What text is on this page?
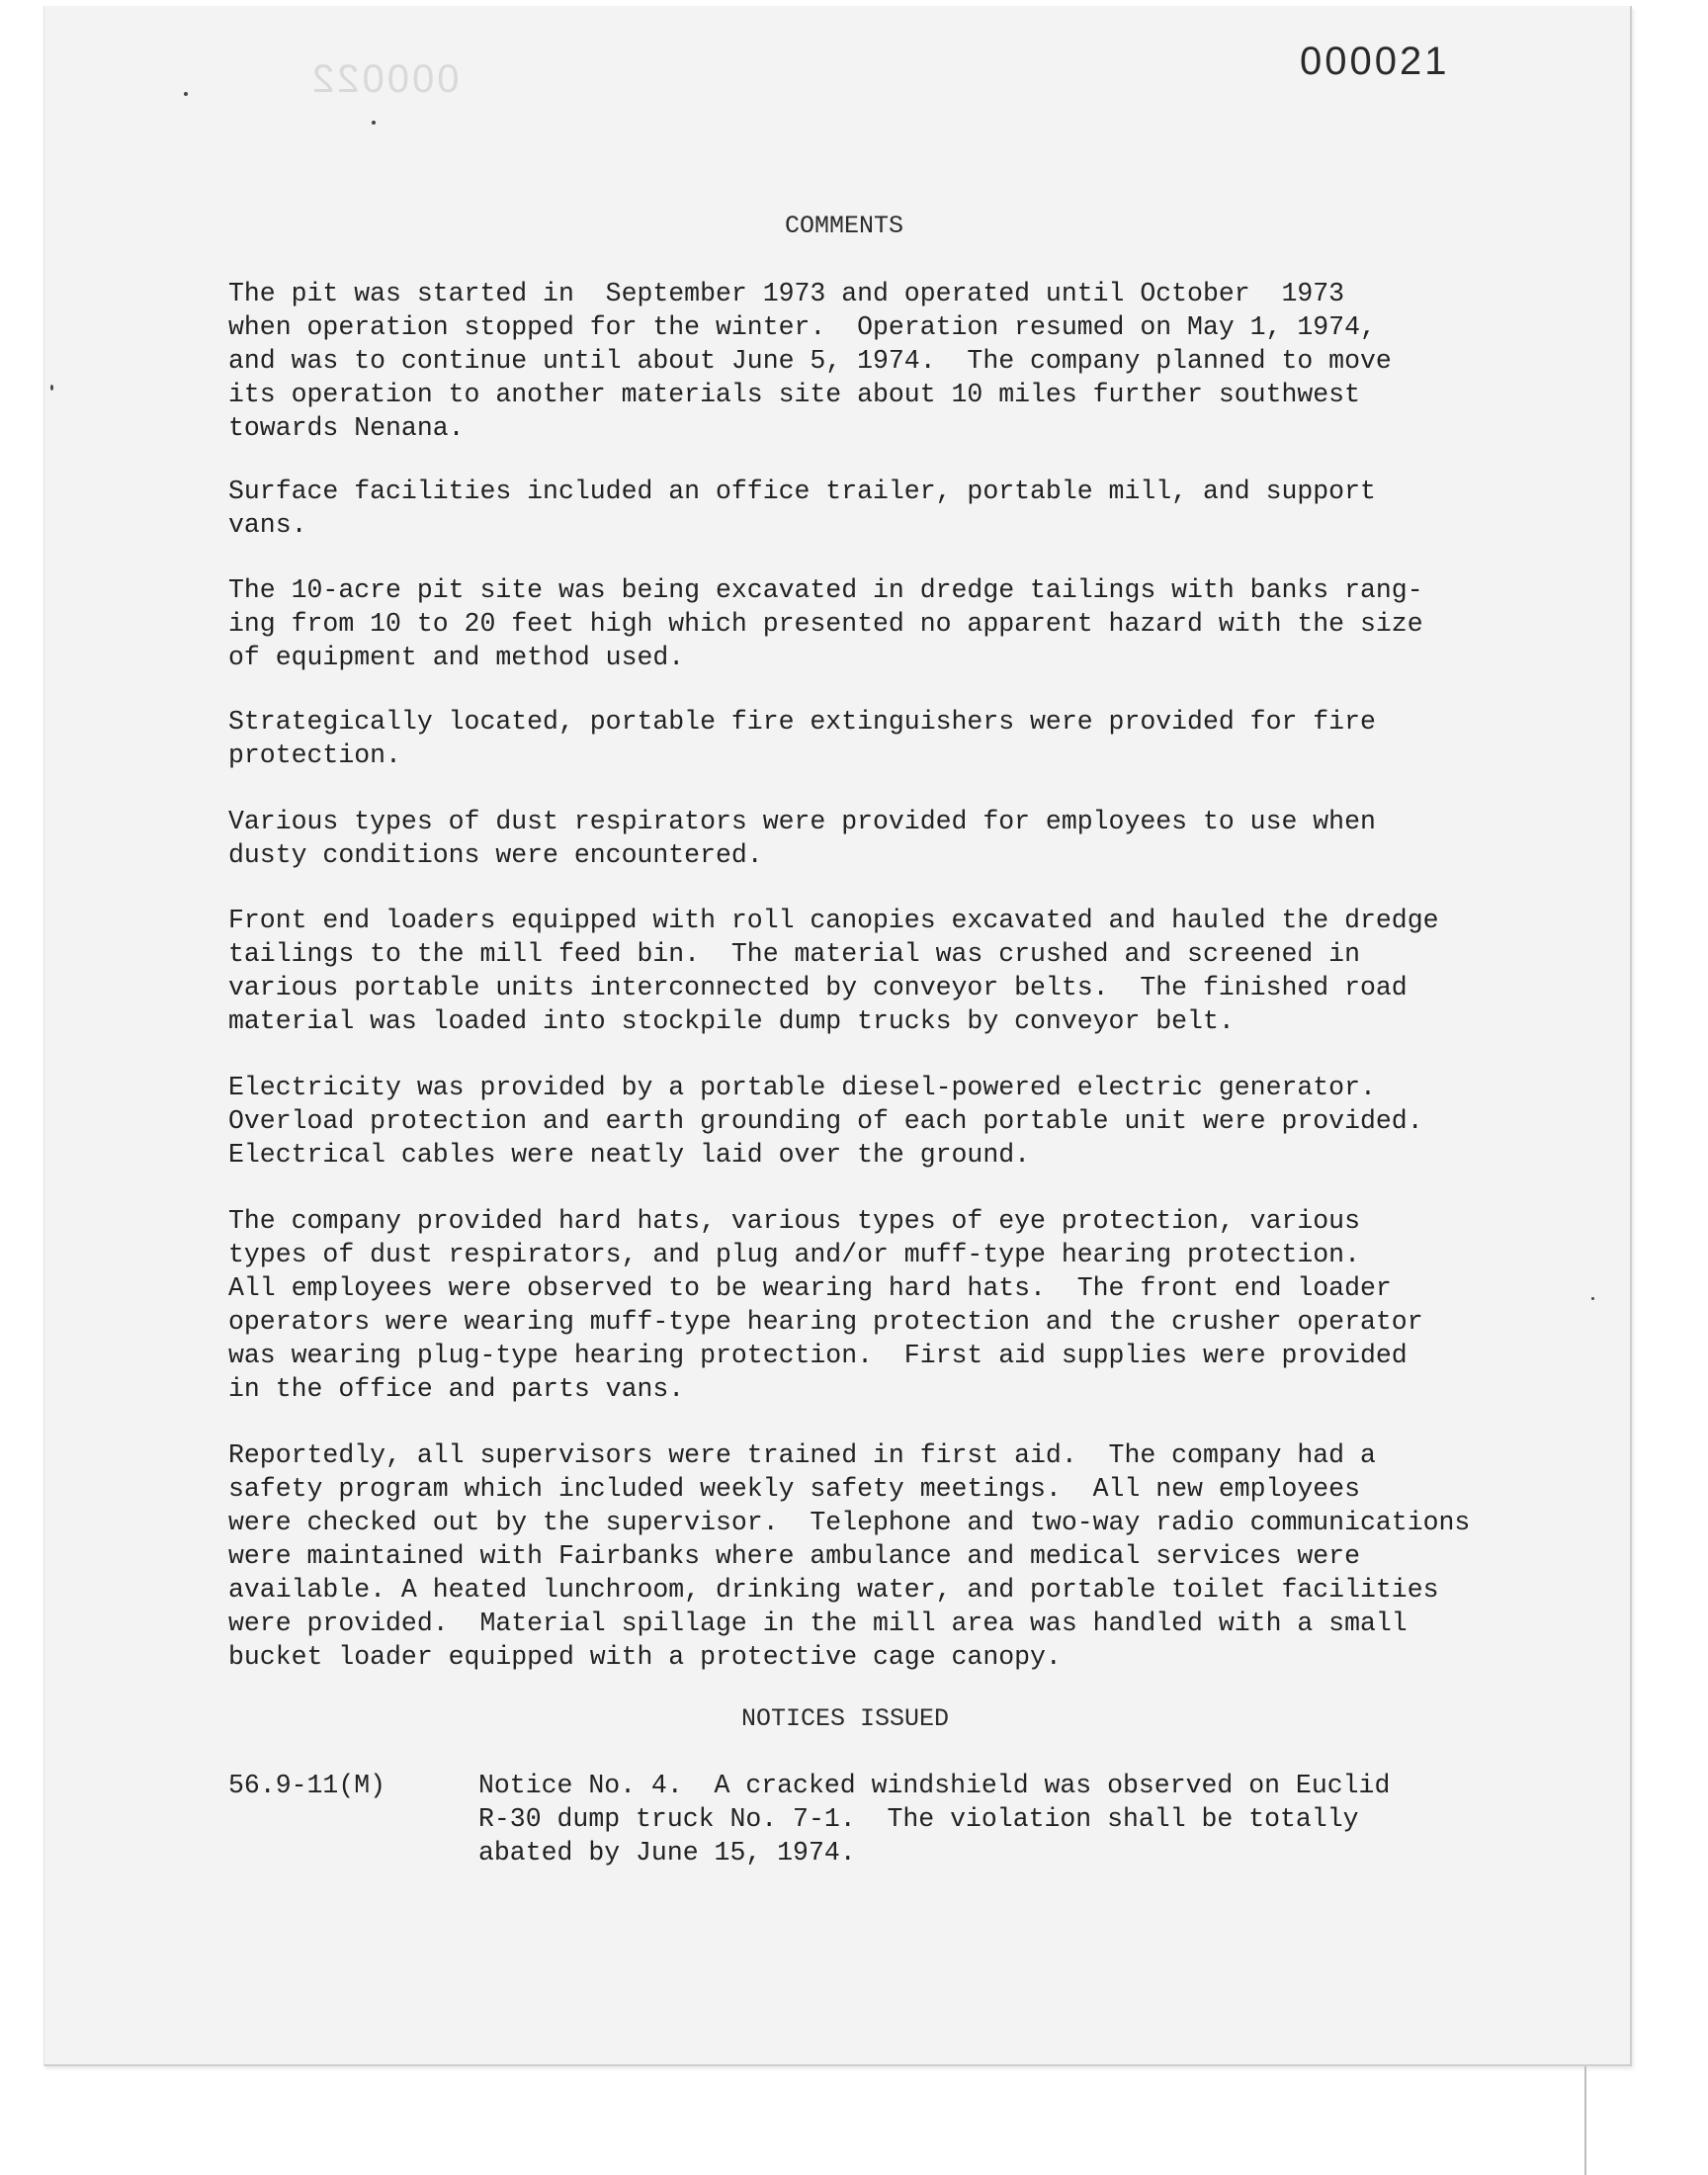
000022	000021
COMMENTS

The pit was started in  September 1973 and operated until October  1973
when operation stopped for the winter.  Operation resumed on May 1, 1974,
and was to continue until about June 5, 1974.  The company planned to move
its operation to another materials site about 10 miles further southwest
towards Nenana.

Surface facilities included an office trailer, portable mill, and support
vans.

The 10-acre pit site was being excavated in dredge tailings with banks rang-
ing from 10 to 20 feet high which presented no apparent hazard with the size
of equipment and method used.

Strategically located, portable fire extinguishers were provided for fire
protection.

Various types of dust respirators were provided for employees to use when
dusty conditions were encountered.

Front end loaders equipped with roll canopies excavated and hauled the dredge
tailings to the mill feed bin.  The material was crushed and screened in
various portable units interconnected by conveyor belts.  The finished road
material was loaded into stockpile dump trucks by conveyor belt.

Electricity was provided by a portable diesel-powered electric generator.
Overload protection and earth grounding of each portable unit were provided.
Electrical cables were neatly laid over the ground.

The company provided hard hats, various types of eye protection, various
types of dust respirators, and plug and/or muff-type hearing protection.
All employees were observed to be wearing hard hats.  The front end loader
operators were wearing muff-type hearing protection and the crusher operator
was wearing plug-type hearing protection.  First aid supplies were provided
in the office and parts vans.

Reportedly, all supervisors were trained in first aid.  The company had a
safety program which included weekly safety meetings.  All new employees
were checked out by the supervisor.  Telephone and two-way radio communications
were maintained with Fairbanks where ambulance and medical services were
available. A heated lunchroom, drinking water, and portable toilet facilities
were provided.  Material spillage in the mill area was handled with a small
bucket loader equipped with a protective cage canopy.

NOTICES ISSUED
56.9-11(M)	Notice No. 4.  A cracked windshield was observed on Euclid
R-30 dump truck No. 7-1.  The violation shall be totally
abated by June 15, 1974.
